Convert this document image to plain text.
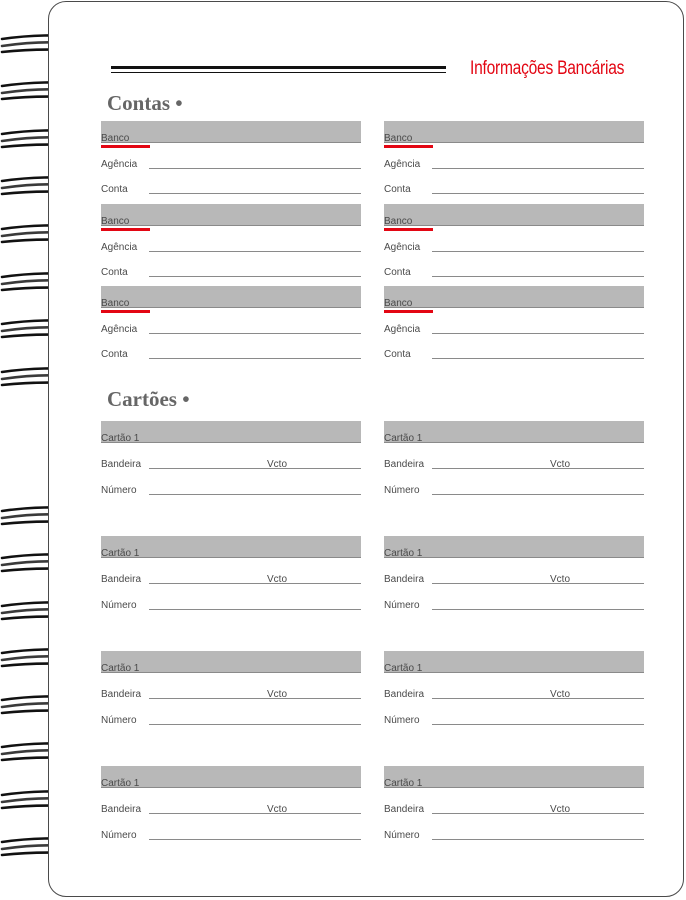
Informações Bancárias
Contas •
Cartões •
Banco
Agência
Conta
Banco
Agência
Conta
Banco
Agência
Conta
Banco
Agência
Conta
Banco
Agência
Conta
Banco
Agência
Conta
Cartão 1
Bandeira	Vcto
Número
Cartão 1
Bandeira	Vcto
Número
Cartão 1
Bandeira	Vcto
Número
Cartão 1
Bandeira	Vcto
Número
Cartão 1
Bandeira	Vcto
Número
Cartão 1
Bandeira	Vcto
Número
Cartão 1
Bandeira	Vcto
Número
Cartão 1
Bandeira	Vcto
Número
